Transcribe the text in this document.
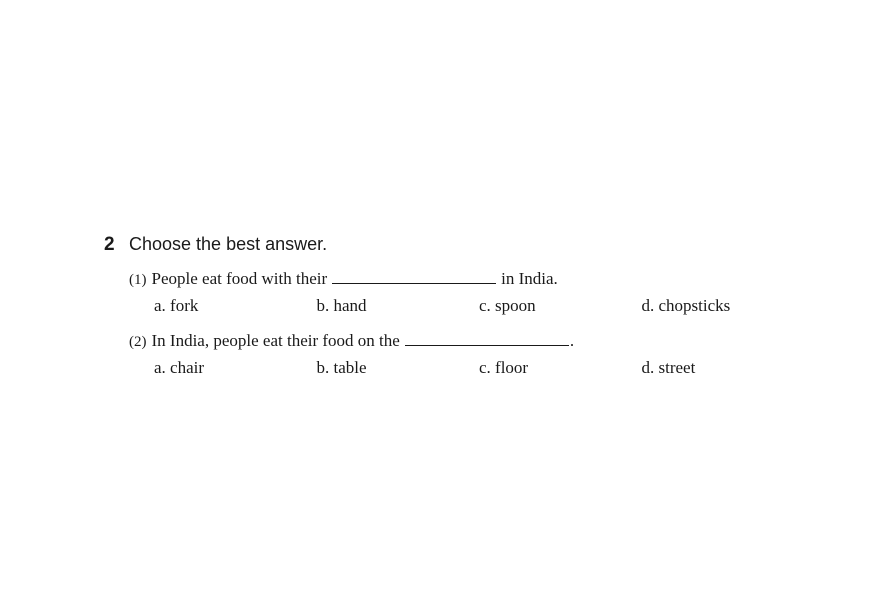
2 Choose the best answer.
(1) People eat food with their	in India.
a. fork	b. hand	c. spoon	d. chopsticks
(2) In India, people eat their food on the	.
a. chair	b. table	c. floor	d. street
